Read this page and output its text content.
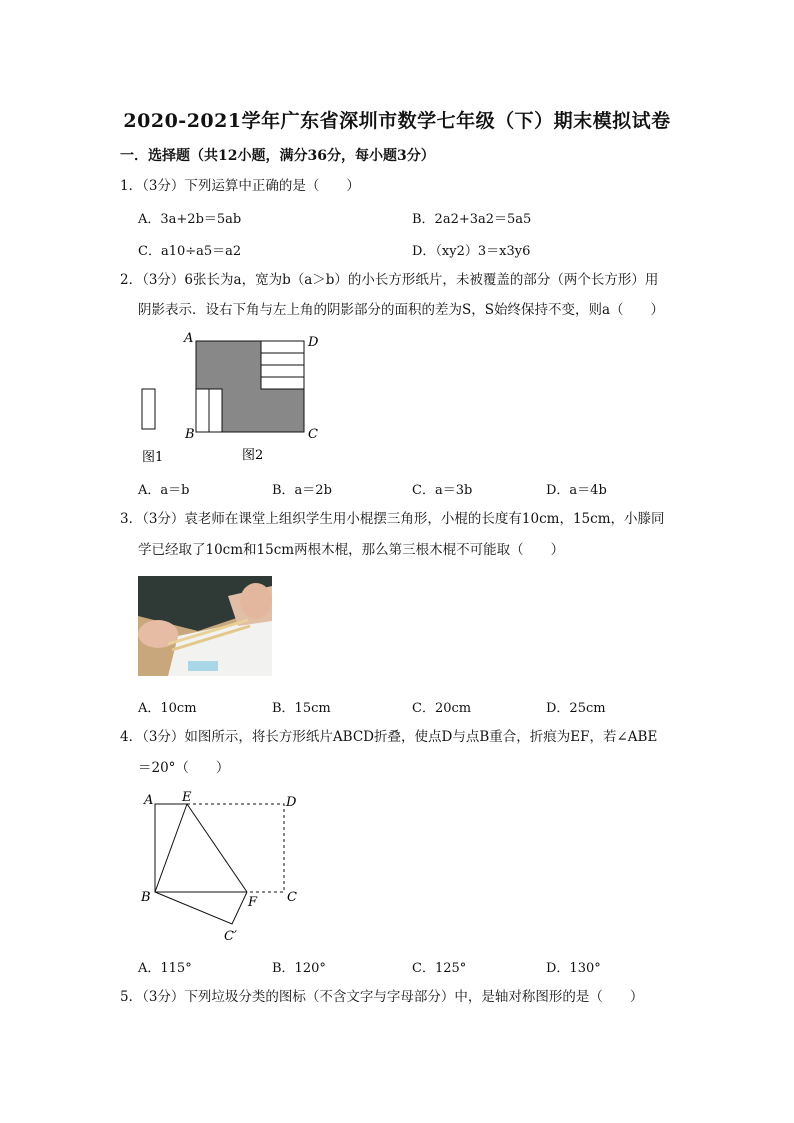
2020-2021学年广东省深圳市数学七年级（下）期末模拟试卷
一．选择题（共12小题，满分36分，每小题3分）
1．（3分）下列运算中正确的是（　　）
A．3a+2b＝5ab	B．2a2+3a2＝5a5
C．a10÷a5＝a2	D．（xy2）3＝x3y6
2．（3分）6张长为a，宽为b（a＞b）的小长方形纸片，未被覆盖的部分（两个长方形）用
阴影表示．设右下角与左上角的阴影部分的面积的差为S，S始终保持不变，则a（　　）
A	D
B	C
图1	图2
A．a＝b	B．a＝2b	C．a＝3b	D．a＝4b
3．（3分）袁老师在课堂上组织学生用小棍摆三角形，小棍的长度有10cm，15cm，小滕同
学已经取了10cm和15cm两根木棍，那么第三根木棍不可能取（　　）
A．10cm	B．15cm	C．20cm	D．25cm
4．（3分）如图所示，将长方形纸片ABCD折叠，使点D与点B重合，折痕为EF，若∠ABE
＝20°（　　）
A E	D
B	F C
C′
A．115°	B．120°	C．125°	D．130°
5．（3分）下列垃圾分类的图标（不含文字与字母部分）中，是轴对称图形的是（　　）
